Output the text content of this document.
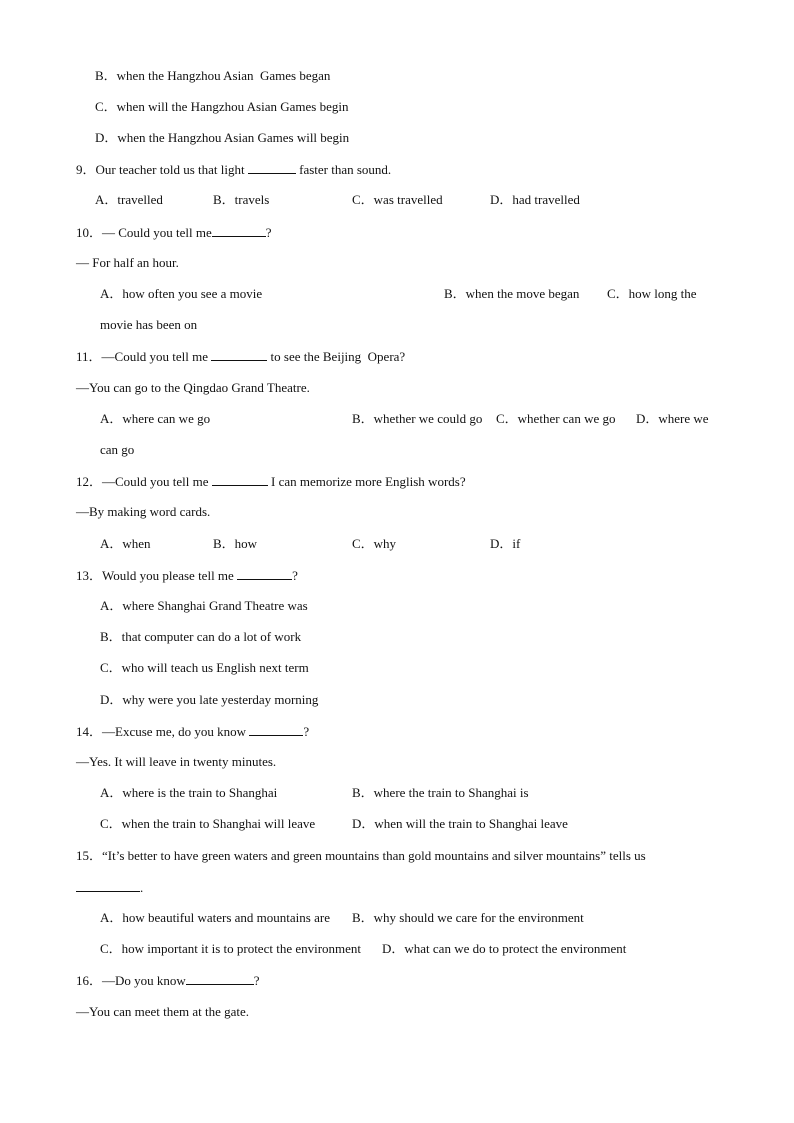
B．when the Hangzhou Asian  Games began
C．when will the Hangzhou Asian Games begin
D．when the Hangzhou Asian Games will begin
9．Our teacher told us that light	faster than sound.
A．travelled	B．travels	C．was travelled	D．had travelled
10．— Could you tell me	?
— For half an hour.
A．how often you see a movie	B．when the move began C．how long the
movie has been on
11．—Could you tell me	to see the Beijing  Opera?
—You can go to the Qingdao Grand Theatre.
A．where can we go	B．whether we could go C．whether can we go D．where we
can go
12．—Could you tell me	I can memorize more English words?
—By making word cards.
A．when	B．how	C．why	D．if
13．Would you please tell me	?
A．where Shanghai Grand Theatre was
B．that computer can do a lot of work
C．who will teach us English next term
D．why were you late yesterday morning
14．—Excuse me, do you know	?
—Yes. It will leave in twenty minutes.
A．where is the train to Shanghai	B．where the train to Shanghai is
C．when the train to Shanghai will leave	D．when will the train to Shanghai leave
15．“It’s better to have green waters and green mountains than gold mountains and silver mountains” tells us
.
A．how beautiful waters and mountains are B．why should we care for the environment
C．how important it is to protect the environment D．what can we do to protect the environment
16．—Do you know	?
—You can meet them at the gate.
